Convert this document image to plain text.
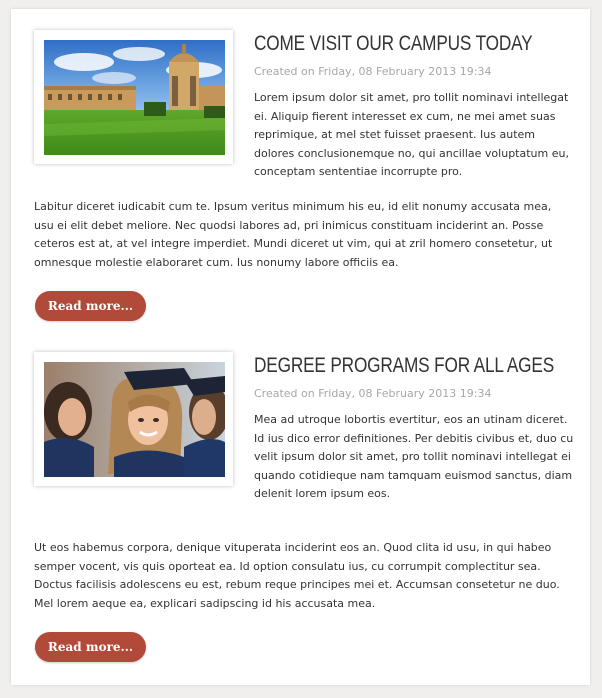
COME VISIT OUR CAMPUS TODAY
Created on Friday, 08 February 2013 19:34
Lorem ipsum dolor sit amet, pro tollit nominavi intellegat ei. Aliquip fierent interesset ex cum, ne mei amet suas reprimique, at mel stet fuisset praesent. Ius autem dolores conclusionemque no, qui ancillae voluptatum eu, conceptam sententiae incorrupte pro.
Labitur diceret iudicabit cum te. Ipsum veritus minimum his eu, id elit nonumy accusata mea, usu ei elit debet meliore. Nec quodsi labores ad, pri inimicus constituam inciderint an. Posse ceteros est at, at vel integre imperdiet. Mundi diceret ut vim, qui at zril homero consetetur, ut omnesque molestie elaboraret cum. Ius nonumy labore officiis ea.
Read more...
DEGREE PROGRAMS FOR ALL AGES
Created on Friday, 08 February 2013 19:34
Mea ad utroque lobortis evertitur, eos an utinam diceret. Id ius dico error definitiones. Per debitis civibus et, duo cu velit ipsum dolor sit amet, pro tollit nominavi intellegat ei quando cotidieque nam tamquam euismod sanctus, diam delenit lorem ipsum eos.
Ut eos habemus corpora, denique vituperata inciderint eos an. Quod clita id usu, in qui habeo semper vocent, vis quis oporteat ea. Id option consulatu ius, cu corrumpit complectitur sea. Doctus facilisis adolescens eu est, rebum reque principes mei et. Accumsan consetetur ne duo. Mel lorem aeque ea, explicari sadipscing id his accusata mea.
Read more...
